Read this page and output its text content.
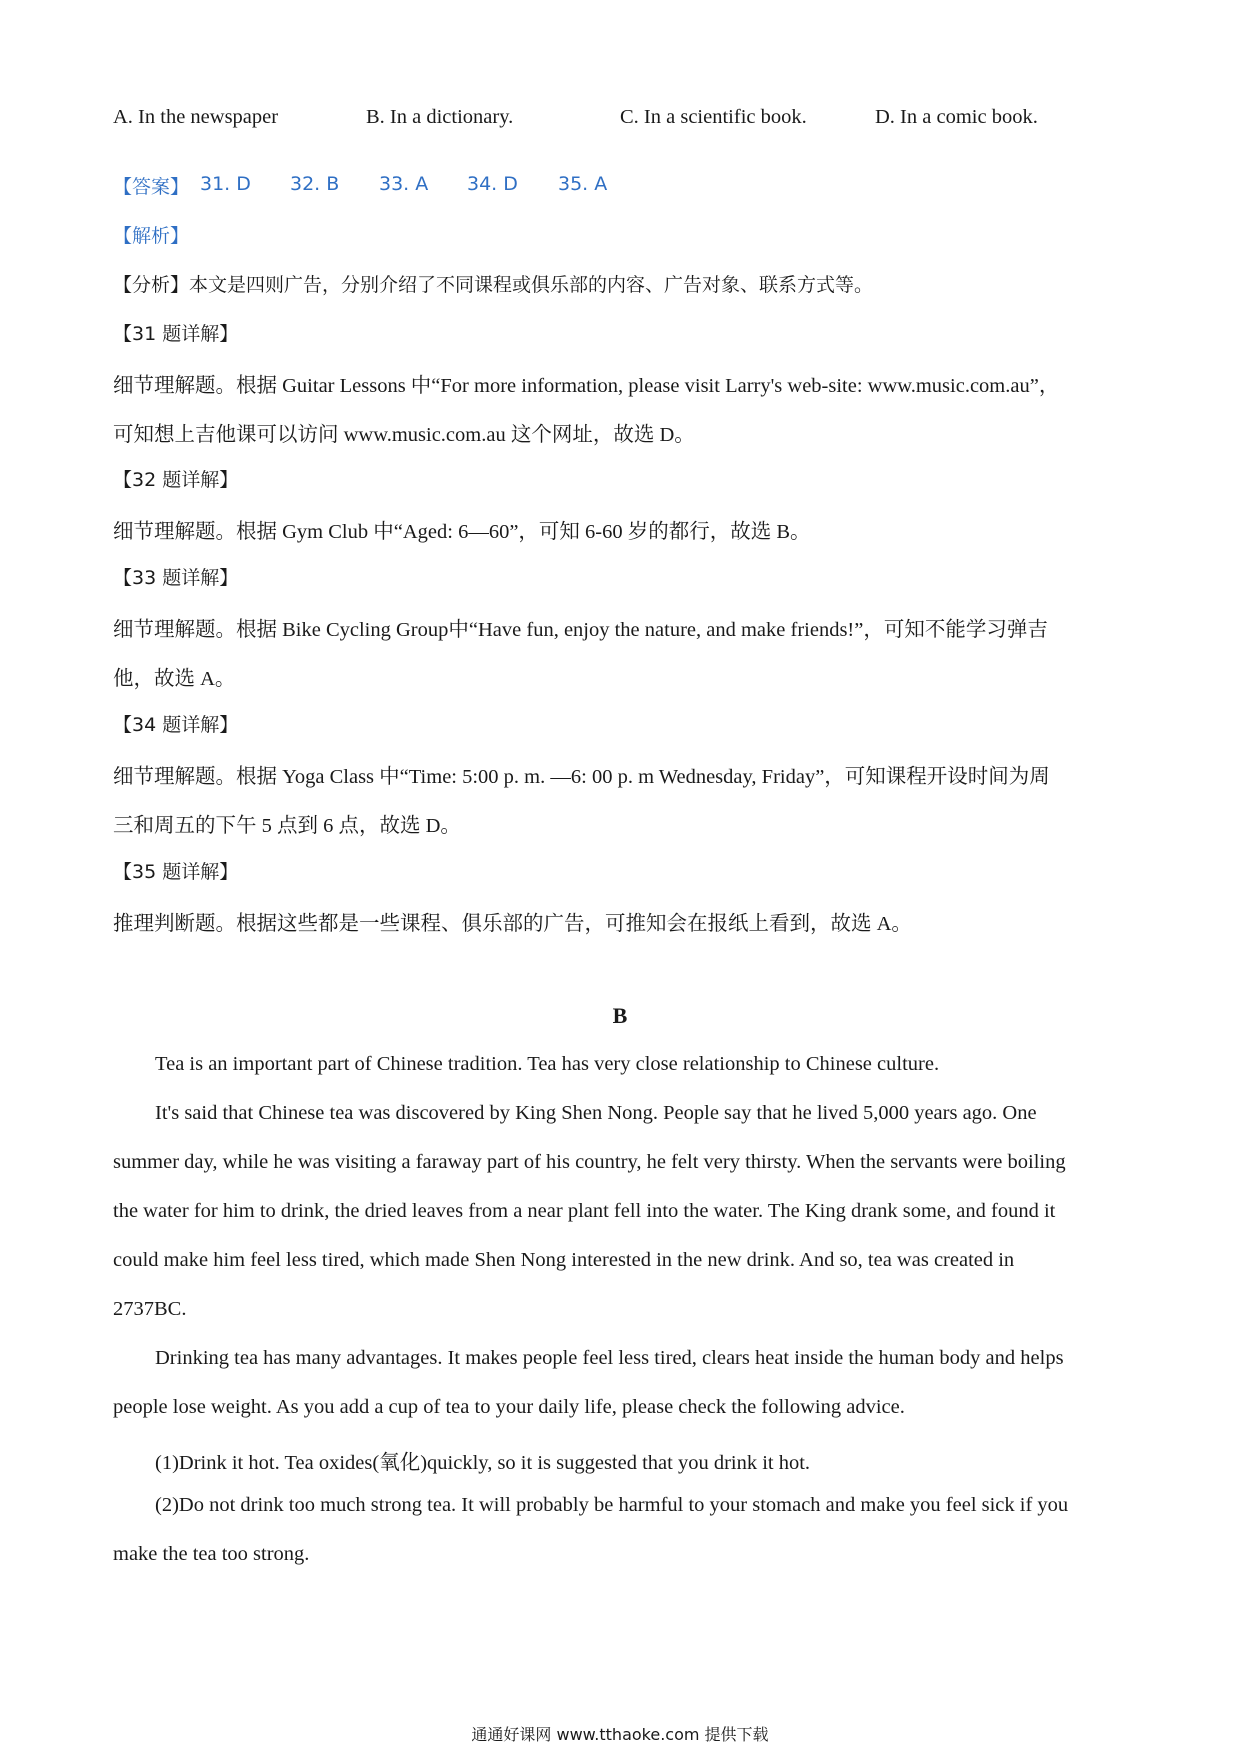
A. In the newspaper	B. In a dictionary.	C. In a scientific book.	D. In a comic book.
【答案】 31. D 32. B 33. A 34. D 35. A
【解析】
【分析】本文是四则广告，分别介绍了不同课程或俱乐部的内容、广告对象、联系方式等。
【31 题详解】
细节理解题。根据 Guitar Lessons 中“For more information, please visit Larry's web-site: www.music.com.au”，
可知想上吉他课可以访问 www.music.com.au 这个网址，故选 D。
【32 题详解】
细节理解题。根据 Gym Club 中“Aged: 6—60”，可知 6-60 岁的都行，故选 B。
【33 题详解】
细节理解题。根据 Bike Cycling Group中“Have fun, enjoy the nature, and make friends!”，可知不能学习弹吉
他，故选 A。
【34 题详解】
细节理解题。根据 Yoga Class 中“Time: 5:00 p. m. —6: 00 p. m Wednesday, Friday”，可知课程开设时间为周
三和周五的下午 5 点到 6 点，故选 D。
【35 题详解】
推理判断题。根据这些都是一些课程、俱乐部的广告，可推知会在报纸上看到，故选 A。
B
Tea is an important part of Chinese tradition. Tea has very close relationship to Chinese culture.
It's said that Chinese tea was discovered by King Shen Nong. People say that he lived 5,000 years ago. One
summer day, while he was visiting a faraway part of his country, he felt very thirsty. When the servants were boiling
the water for him to drink, the dried leaves from a near plant fell into the water. The King drank some, and found it
could make him feel less tired, which made Shen Nong interested in the new drink. And so, tea was created in
2737BC.
Drinking tea has many advantages. It makes people feel less tired, clears heat inside the human body and helps
people lose weight. As you add a cup of tea to your daily life, please check the following advice.
(1)Drink it hot. Tea oxides(氧化)quickly, so it is suggested that you drink it hot.
(2)Do not drink too much strong tea. It will probably be harmful to your stomach and make you feel sick if you
make the tea too strong.
通通好课网 www.tthaoke.com 提供下载
